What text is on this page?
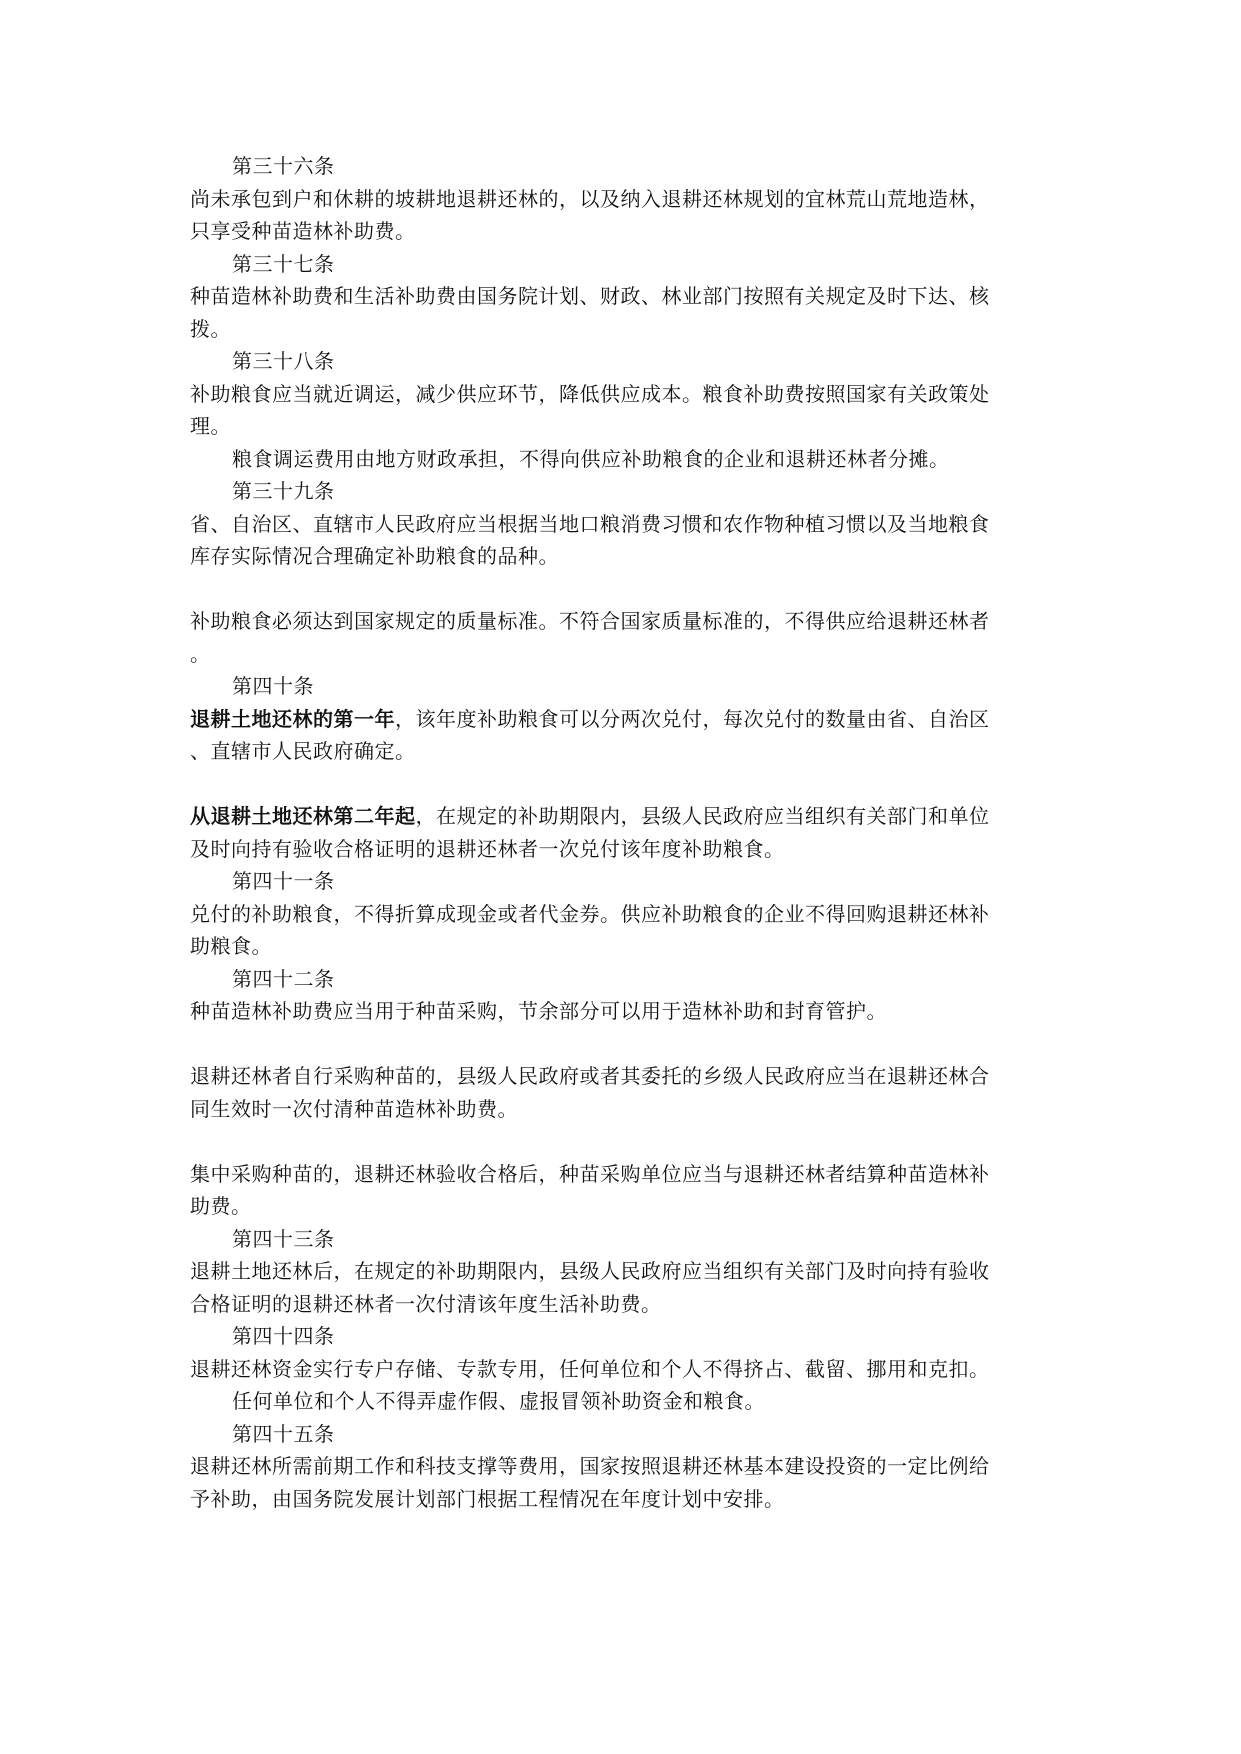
第三十六条
尚未承包到户和休耕的坡耕地退耕还林的，以及纳入退耕还林规划的宜林荒山荒地造林，
只享受种苗造林补助费。
第三十七条
种苗造林补助费和生活补助费由国务院计划、财政、林业部门按照有关规定及时下达、核
拨。
第三十八条
补助粮食应当就近调运，减少供应环节，降低供应成本。粮食补助费按照国家有关政策处
理。
粮食调运费用由地方财政承担，不得向供应补助粮食的企业和退耕还林者分摊。
第三十九条
省、自治区、直辖市人民政府应当根据当地口粮消费习惯和农作物种植习惯以及当地粮食
库存实际情况合理确定补助粮食的品种。
补助粮食必须达到国家规定的质量标准。不符合国家质量标准的，不得供应给退耕还林者
。
第四十条
退耕土地还林的第一年，该年度补助粮食可以分两次兑付，每次兑付的数量由省、自治区
、直辖市人民政府确定。
从退耕土地还林第二年起，在规定的补助期限内，县级人民政府应当组织有关部门和单位
及时向持有验收合格证明的退耕还林者一次兑付该年度补助粮食。
第四十一条
兑付的补助粮食，不得折算成现金或者代金券。供应补助粮食的企业不得回购退耕还林补
助粮食。
第四十二条
种苗造林补助费应当用于种苗采购，节余部分可以用于造林补助和封育管护。
退耕还林者自行采购种苗的，县级人民政府或者其委托的乡级人民政府应当在退耕还林合
同生效时一次付清种苗造林补助费。
集中采购种苗的，退耕还林验收合格后，种苗采购单位应当与退耕还林者结算种苗造林补
助费。
第四十三条
退耕土地还林后，在规定的补助期限内，县级人民政府应当组织有关部门及时向持有验收
合格证明的退耕还林者一次付清该年度生活补助费。
第四十四条
退耕还林资金实行专户存储、专款专用，任何单位和个人不得挤占、截留、挪用和克扣。
任何单位和个人不得弄虚作假、虚报冒领补助资金和粮食。
第四十五条
退耕还林所需前期工作和科技支撑等费用，国家按照退耕还林基本建设投资的一定比例给
予补助，由国务院发展计划部门根据工程情况在年度计划中安排。
